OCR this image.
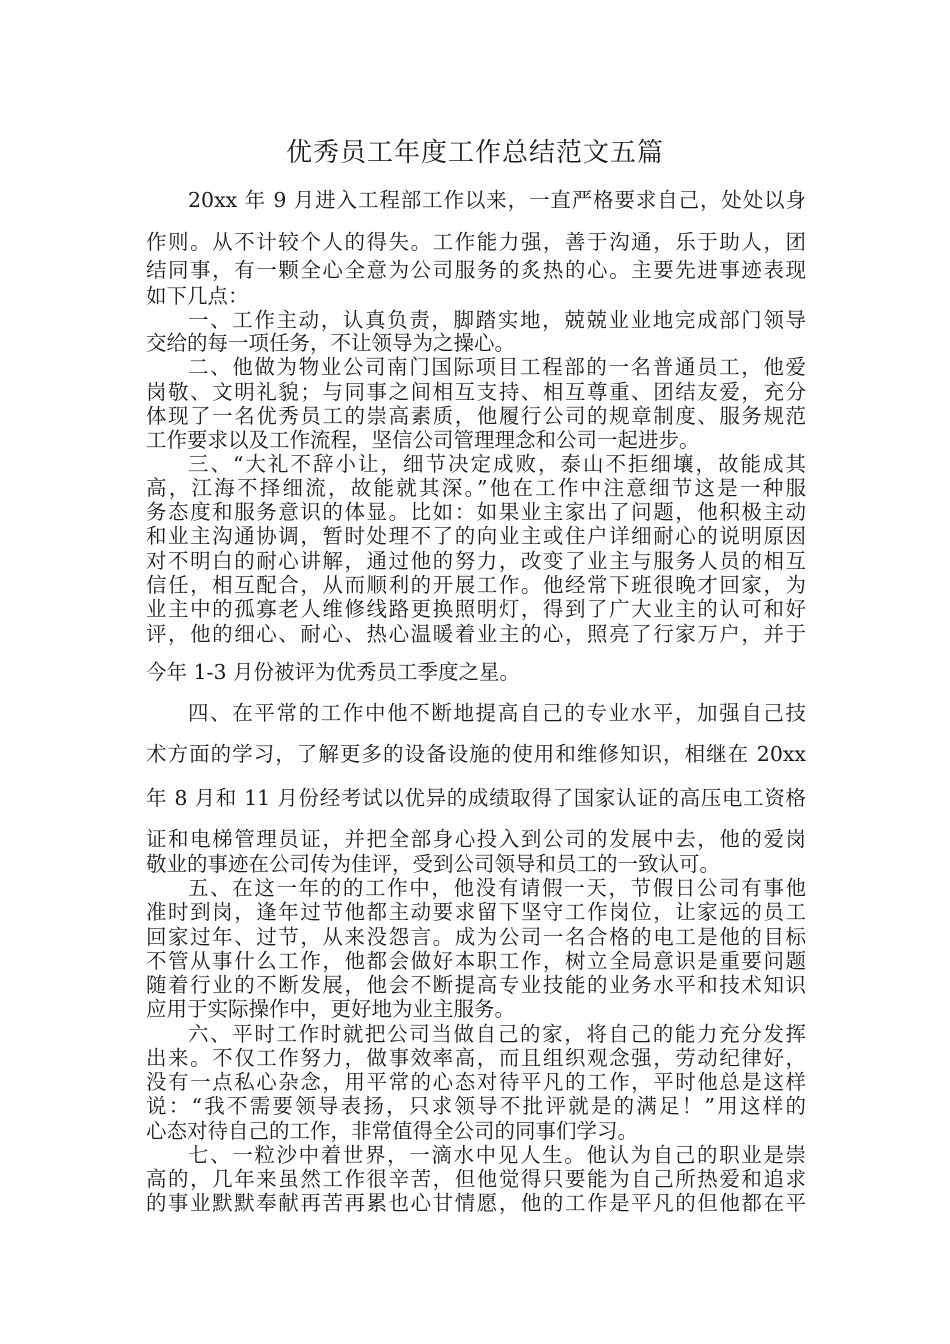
优秀员工年度工作总结范文五篇
20xx 年 9 月进入工程部工作以来，一直严格要求自己，处处以身
作则。从不计较个人的得失。工作能力强，善于沟通，乐于助人，团
结同事，有一颗全心全意为公司服务的炙热的心。主要先进事迹表现
如下几点：
一、工作主动，认真负责，脚踏实地，兢兢业业地完成部门领导
交给的每一项任务，不让领导为之操心。
二、他做为物业公司南门国际项目工程部的一名普通员工，他爱
岗敬、文明礼貌；与同事之间相互支持、相互尊重、团结友爱，充分
体现了一名优秀员工的崇高素质，他履行公司的规章制度、服务规范
工作要求以及工作流程，坚信公司管理理念和公司一起进步。
三、“大礼不辞小让，细节决定成败，泰山不拒细壤，故能成其
高，江海不择细流，故能就其深。”他在工作中注意细节这是一种服
务态度和服务意识的体显。比如：如果业主家出了问题，他积极主动
和业主沟通协调，暂时处理不了的向业主或住户详细耐心的说明原因
对不明白的耐心讲解，通过他的努力，改变了业主与服务人员的相互
信任，相互配合，从而顺利的开展工作。他经常下班很晚才回家，为
业主中的孤寡老人维修线路更换照明灯，得到了广大业主的认可和好
评，他的细心、耐心、热心温暖着业主的心，照亮了行家万户，并于
今年 1-3 月份被评为优秀员工季度之星。
四、在平常的工作中他不断地提高自己的专业水平，加强自己技
术方面的学习，了解更多的设备设施的使用和维修知识，相继在 20xx
年 8 月和 11 月份经考试以优异的成绩取得了国家认证的高压电工资格
证和电梯管理员证，并把全部身心投入到公司的发展中去，他的爱岗
敬业的事迹在公司传为佳评，受到公司领导和员工的一致认可。
五、在这一年的的工作中，他没有请假一天，节假日公司有事他
准时到岗，逢年过节他都主动要求留下坚守工作岗位，让家远的员工
回家过年、过节，从来没怨言。成为公司一名合格的电工是他的目标
不管从事什么工作，他都会做好本职工作，树立全局意识是重要问题
随着行业的不断发展，他会不断提高专业技能的业务水平和技术知识
应用于实际操作中，更好地为业主服务。
六、平时工作时就把公司当做自己的家，将自己的能力充分发挥
出来。不仅工作努力，做事效率高，而且组织观念强，劳动纪律好，
没有一点私心杂念，用平常的心态对待平凡的工作，平时他总是这样
说：“我不需要领导表扬，只求领导不批评就是的满足！”用这样的
心态对待自己的工作，非常值得全公司的同事们学习。
七、一粒沙中着世界，一滴水中见人生。他认为自己的职业是崇
高的，几年来虽然工作很辛苦，但他觉得只要能为自己所热爱和追求
的事业默默奉献再苦再累也心甘情愿，他的工作是平凡的但他都在平
